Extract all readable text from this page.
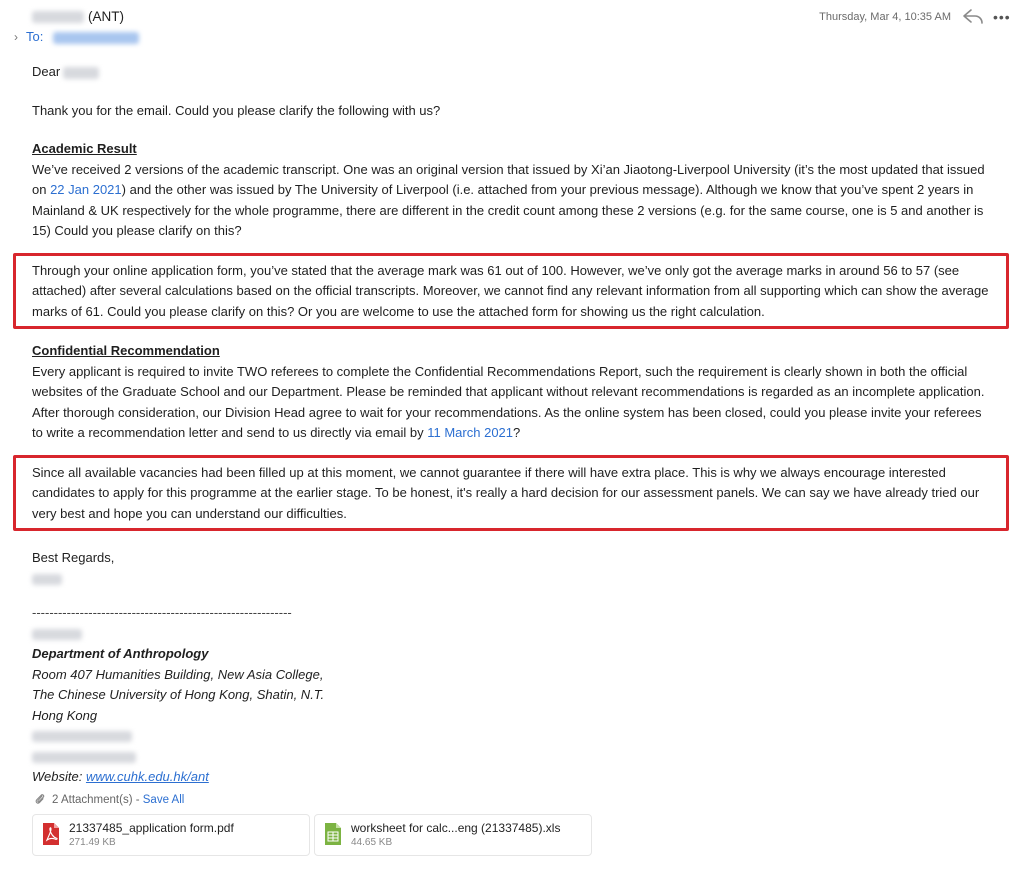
(ANT)
› To:
Thursday, Mar 4, 10:35 AM	•••

Dear

Thank you for the email. Could you please clarify the following with us?

Academic Result

We’ve received 2 versions of the academic transcript. One was an original version that issued by Xi’an Jiaotong-Liverpool University (it’s the most updated that issued on 22 Jan 2021) and the other was issued by The University of Liverpool (i.e. attached from your previous message). Although we know that you’ve spent 2 years in Mainland & UK respectively for the whole programme, there are different in the credit count among these 2 versions (e.g. for the same course, one is 5 and another is 15) Could you please clarify on this?

Through your online application form, you’ve stated that the average mark was 61 out of 100. However, we’ve only got the average marks in around 56 to 57 (see attached) after several calculations based on the official transcripts. Moreover, we cannot find any relevant information from all supporting which can show the average marks of 61. Could you please clarify on this? Or you are welcome to use the attached form for showing us the right calculation.

Confidential Recommendation

Every applicant is required to invite TWO referees to complete the Confidential Recommendations Report, such the requirement is clearly shown in both the official websites of the Graduate School and our Department. Please be reminded that applicant without relevant recommendations is regarded as an incomplete application. After thorough consideration, our Division Head agree to wait for your recommendations. As the online system has been closed, could you please invite your referees to write a recommendation letter and send to us directly via email by 11 March 2021?

Since all available vacancies had been filled up at this moment, we cannot guarantee if there will have extra place. This is why we always encourage interested candidates to apply for this programme at the earlier stage. To be honest, it's really a hard decision for our assessment panels. We can say we have already tried our very best and hope you can understand our difficulties.

Best Regards,

------------------------------------------------------------

Department of Anthropology

Room 407 Humanities Building, New Asia College,

The Chinese University of Hong Kong, Shatin, N.T.

Hong Kong

Website: www.cuhk.edu.hk/ant

2 Attachment(s) - Save All
21337485_application form.pdf
271.49 KB
worksheet for calc...eng (21337485).xls
44.65 KB
